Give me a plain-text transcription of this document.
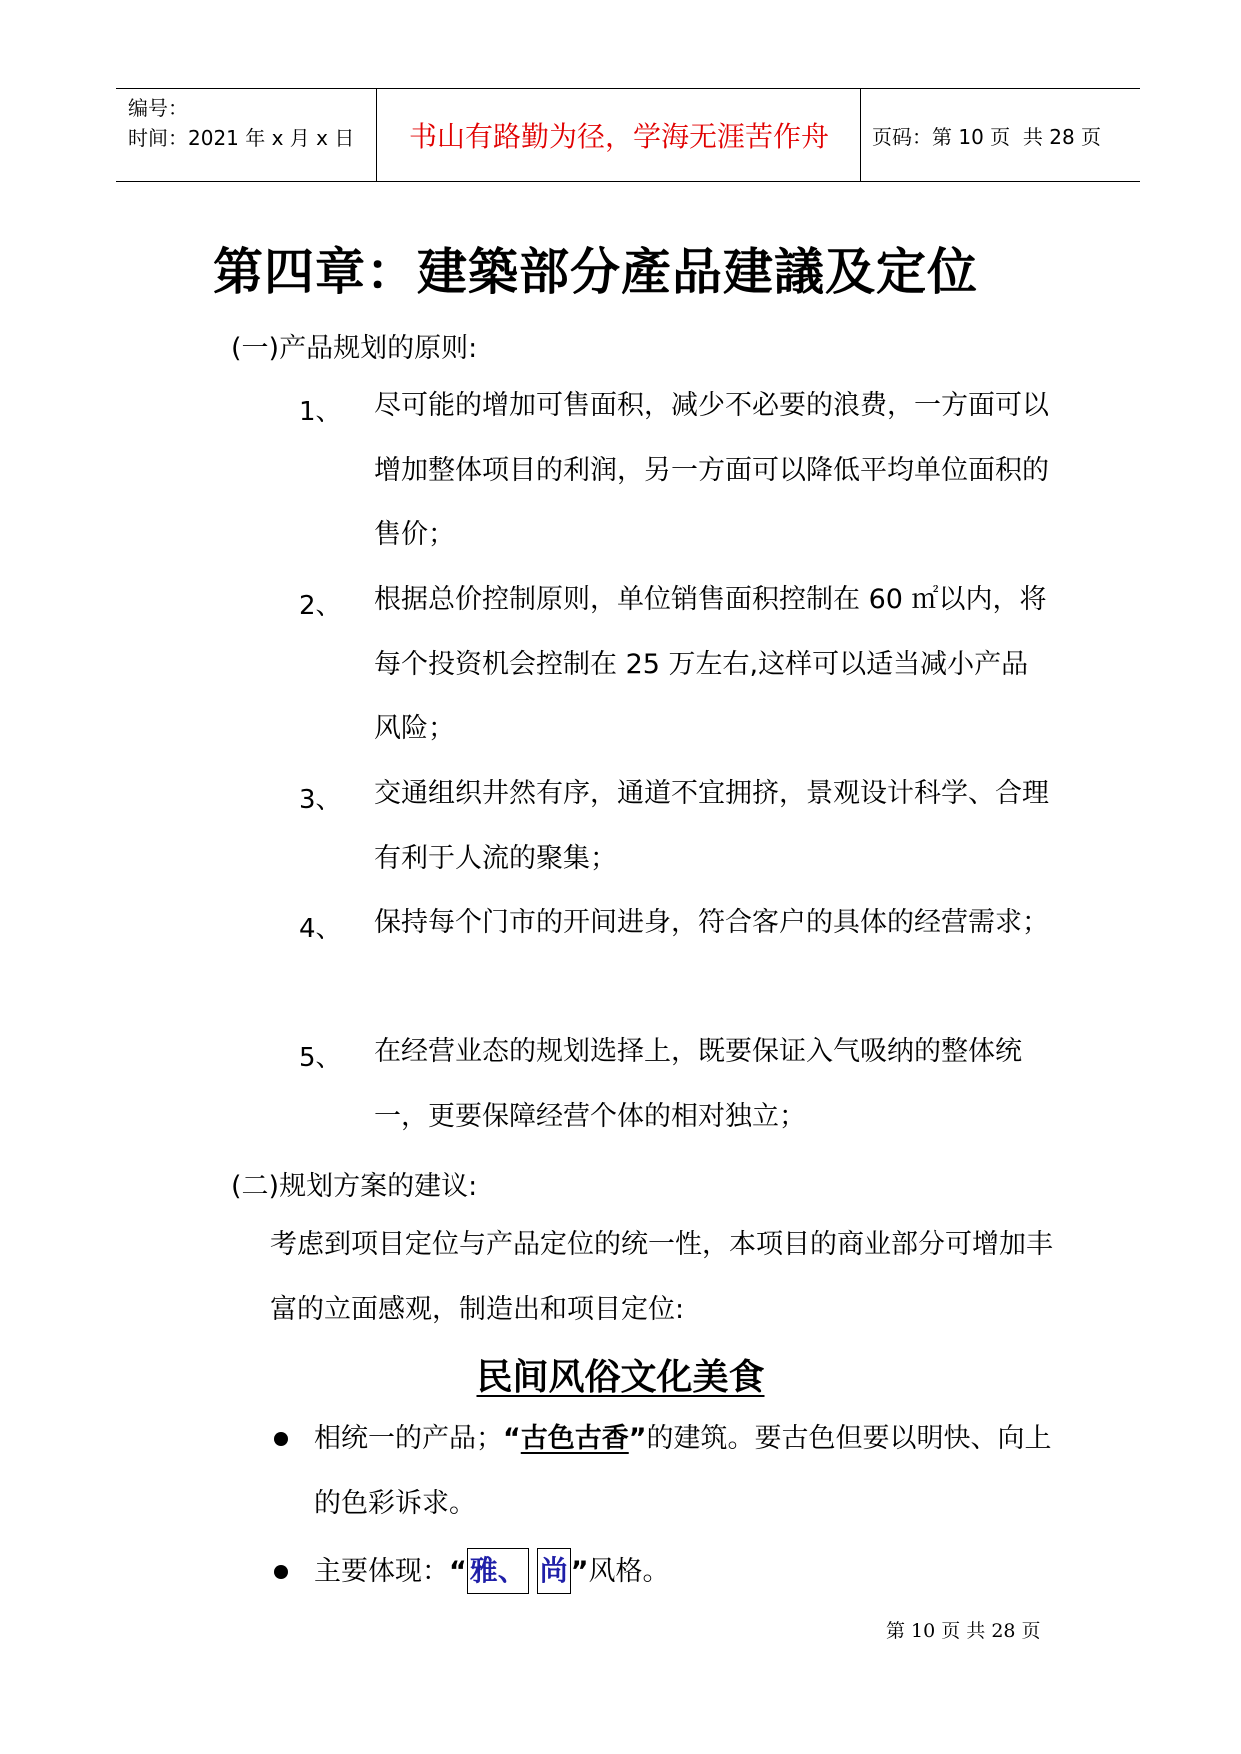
编号：
时间：2021 年 x 月 x 日	书山有路勤为径，学海无涯苦作舟	页码：第 10 页  共 28 页
第四章：建築部分產品建議及定位
(一)产品规划的原则:
1、 尽可能的增加可售面积，减少不必要的浪费，一方面可以增加整体项目的利润，另一方面可以降低平均单位面积的售价；
2、 根据总价控制原则，单位销售面积控制在 60 ㎡以内，将每个投资机会控制在 25 万左右,这样可以适当减小产品风险；
3、 交通组织井然有序，通道不宜拥挤，景观设计科学、合理有利于人流的聚集；
4、 保持每个门市的开间进身，符合客户的具体的经营需求；
5、 在经营业态的规划选择上，既要保证入气吸纳的整体统一，更要保障经营个体的相对独立；
(二)规划方案的建议:
考虑到项目定位与产品定位的统一性，本项目的商业部分可增加丰富的立面感观，制造出和项目定位:
民间风俗文化美食
相统一的产品；“古色古香”的建筑。要古色但要以明快、向上的色彩诉求。
主要体现：“ 雅、 尚 ”风格。
第 10 页 共 28 页
